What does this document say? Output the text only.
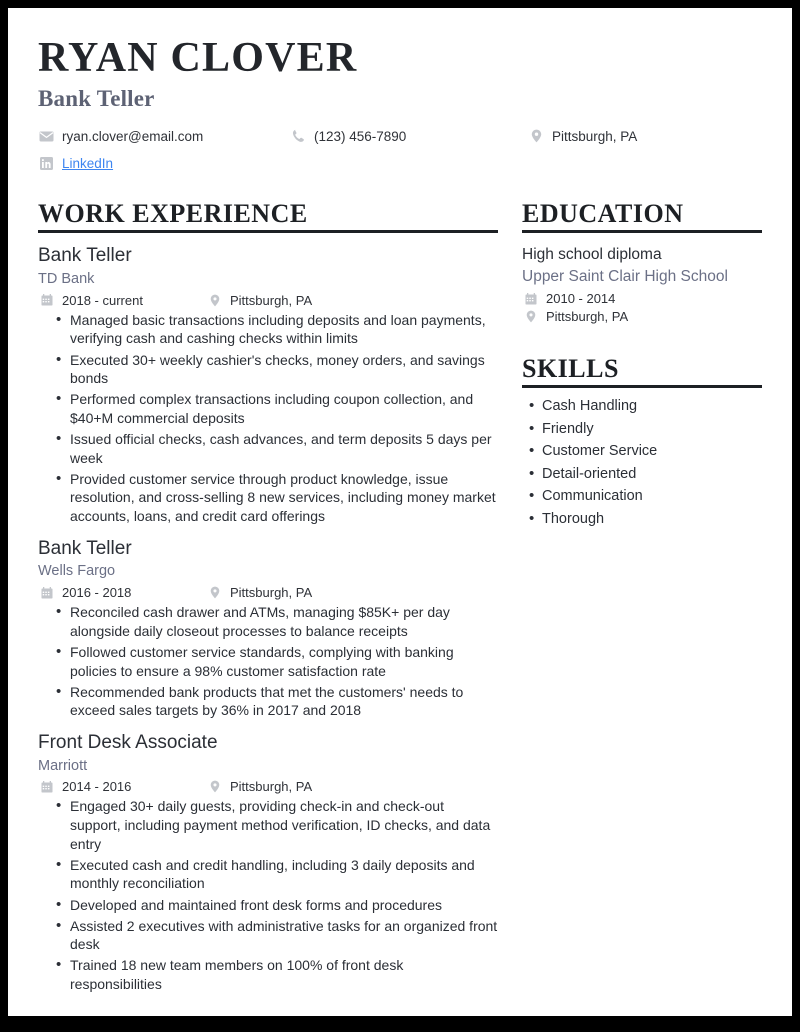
RYAN CLOVER
Bank Teller
ryan.clover@email.com	(123) 456-7890	Pittsburgh, PA
LinkedIn
WORK EXPERIENCE
Bank Teller
TD Bank
2018 - current	Pittsburgh, PA
• Managed basic transactions including deposits and loan payments, verifying cash and cashing checks within limits
• Executed 30+ weekly cashier's checks, money orders, and savings bonds
• Performed complex transactions including coupon collection, and $40+M commercial deposits
• Issued official checks, cash advances, and term deposits 5 days per week
• Provided customer service through product knowledge, issue resolution, and cross-selling 8 new services, including money market accounts, loans, and credit card offerings
Bank Teller
Wells Fargo
2016 - 2018	Pittsburgh, PA
• Reconciled cash drawer and ATMs, managing $85K+ per day alongside daily closeout processes to balance receipts
• Followed customer service standards, complying with banking policies to ensure a 98% customer satisfaction rate
• Recommended bank products that met the customers' needs to exceed sales targets by 36% in 2017 and 2018
Front Desk Associate
Marriott
2014 - 2016	Pittsburgh, PA
• Engaged 30+ daily guests, providing check-in and check-out support, including payment method verification, ID checks, and data entry
• Executed cash and credit handling, including 3 daily deposits and monthly reconciliation
• Developed and maintained front desk forms and procedures
• Assisted 2 executives with administrative tasks for an organized front desk
• Trained 18 new team members on 100% of front desk responsibilities
EDUCATION
High school diploma
Upper Saint Clair High School
2010 - 2014
Pittsburgh, PA
SKILLS
• Cash Handling
• Friendly
• Customer Service
• Detail-oriented
• Communication
• Thorough
